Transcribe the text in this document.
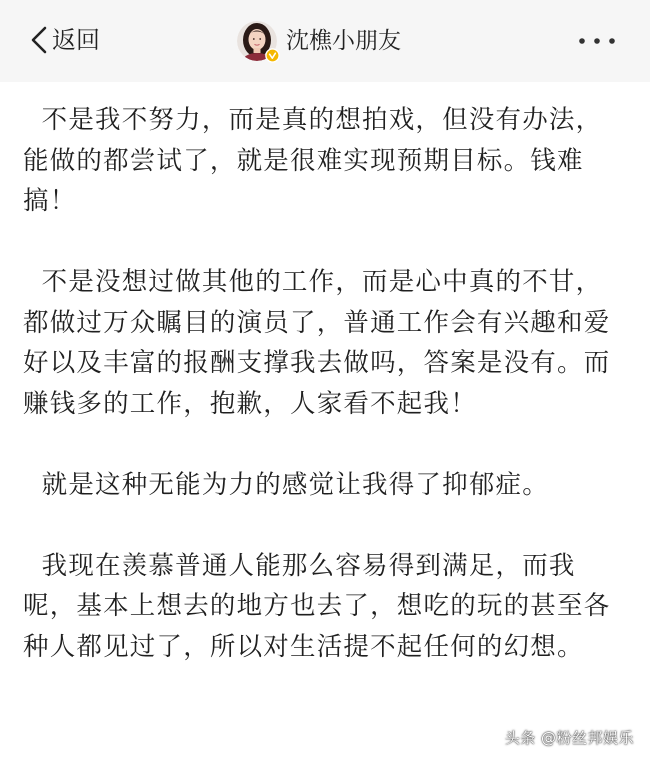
返回	沈樵小朋友

不是我不努力，而是真的想拍戏，但没有办法，能做的都尝试了，就是很难实现预期目标。钱难搞！

不是没想过做其他的工作，而是心中真的不甘，都做过万众瞩目的演员了，普通工作会有兴趣和爱好以及丰富的报酬支撑我去做吗，答案是没有。而赚钱多的工作，抱歉，人家看不起我！

就是这种无能为力的感觉让我得了抑郁症。

我现在羡慕普通人能那么容易得到满足，而我呢，基本上想去的地方也去了，想吃的玩的甚至各种人都见过了，所以对生活提不起任何的幻想。

头条 @粉丝邦娱乐
